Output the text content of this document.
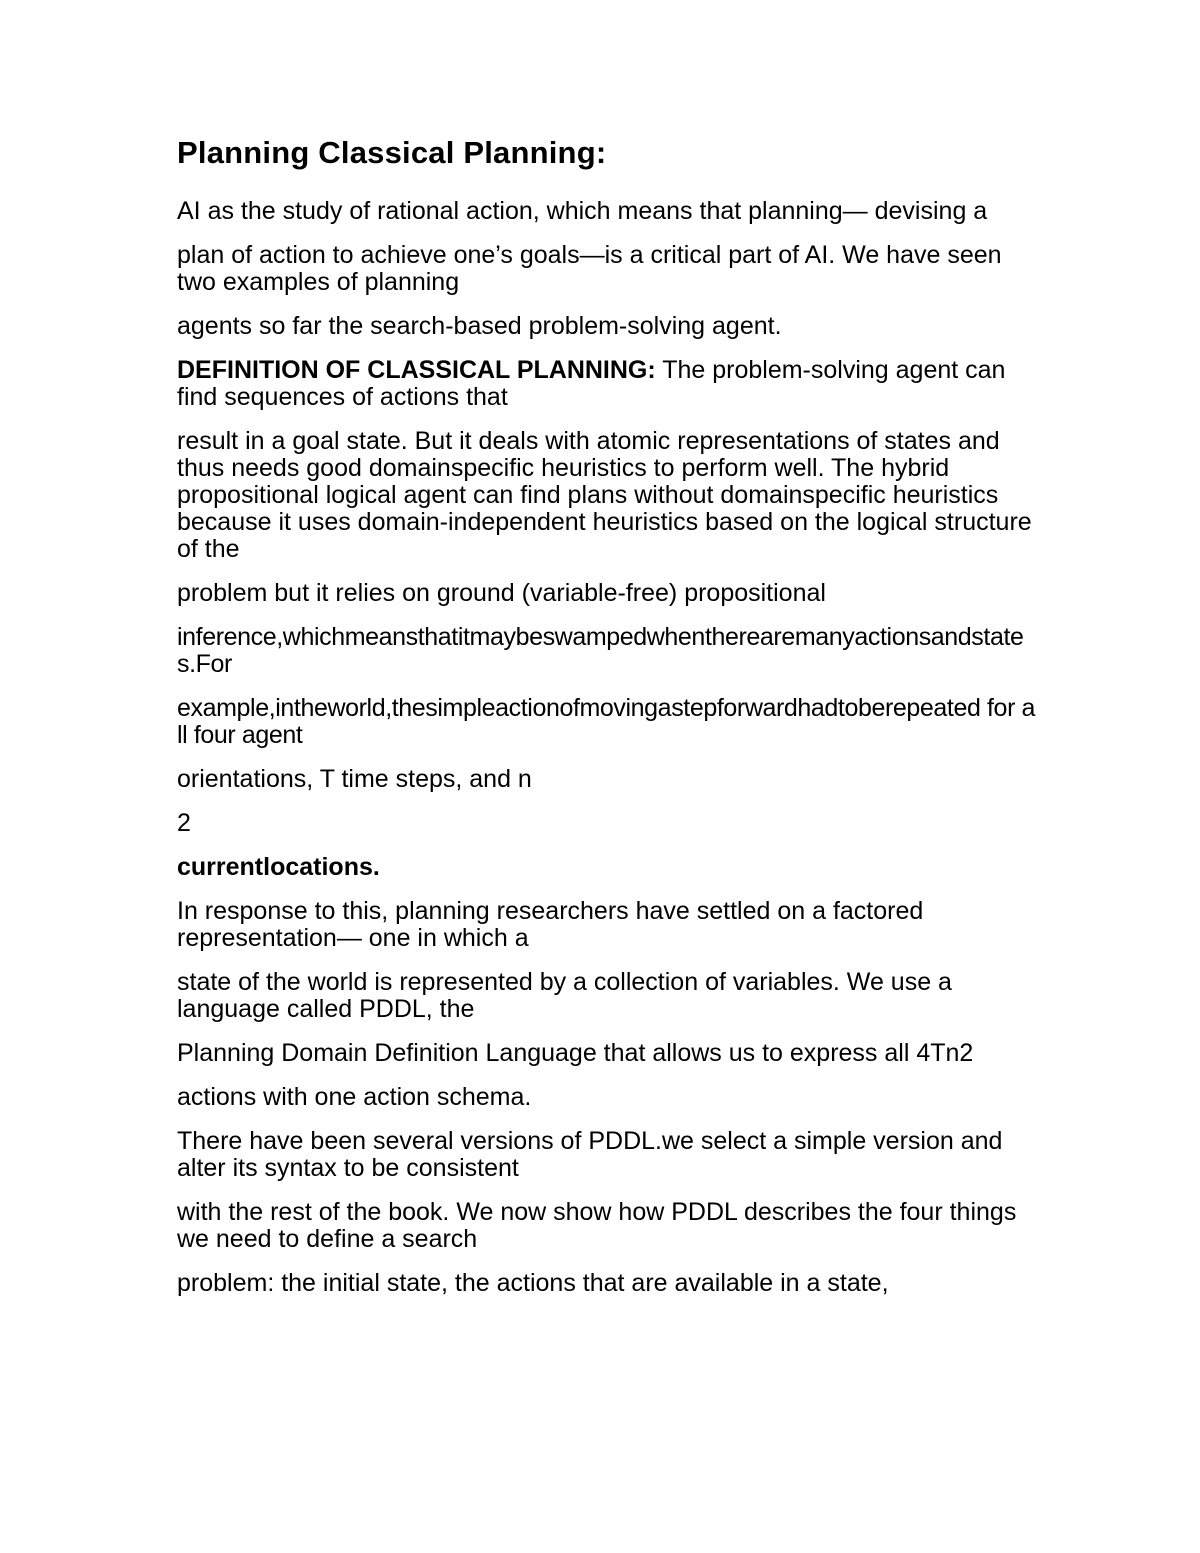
Planning Classical Planning:

AI as the study of rational action, which means that planning— devising a

plan of action to achieve one’s goals—is a critical part of AI. We have seen two examples of planning

agents so far the search-based problem-solving agent.

DEFINITION OF CLASSICAL PLANNING: The problem-solving agent can find sequences of actions that

result in a goal state. But it deals with atomic representations of states and thus needs good domainspecific heuristics to perform well. The hybrid propositional logical agent can find plans without domainspecific heuristics because it uses domain-independent heuristics based on the logical structure of the

problem but it relies on ground (variable-free) propositional

inference,whichmeansthatitmaybeswampedwhentherearemanyactionsandstates.For

example,intheworld,thesimpleactionofmovingastepforwardhadtoberepeated for all four agent

orientations, T time steps, and n

2

currentlocations.

In response to this, planning researchers have settled on a factored representation— one in which a

state of the world is represented by a collection of variables. We use a language called PDDL, the

Planning Domain Definition Language that allows us to express all 4Tn2

actions with one action schema.

There have been several versions of PDDL.we select a simple version and alter its syntax to be consistent

with the rest of the book. We now show how PDDL describes the four things we need to define a search

problem: the initial state, the actions that are available in a state,
